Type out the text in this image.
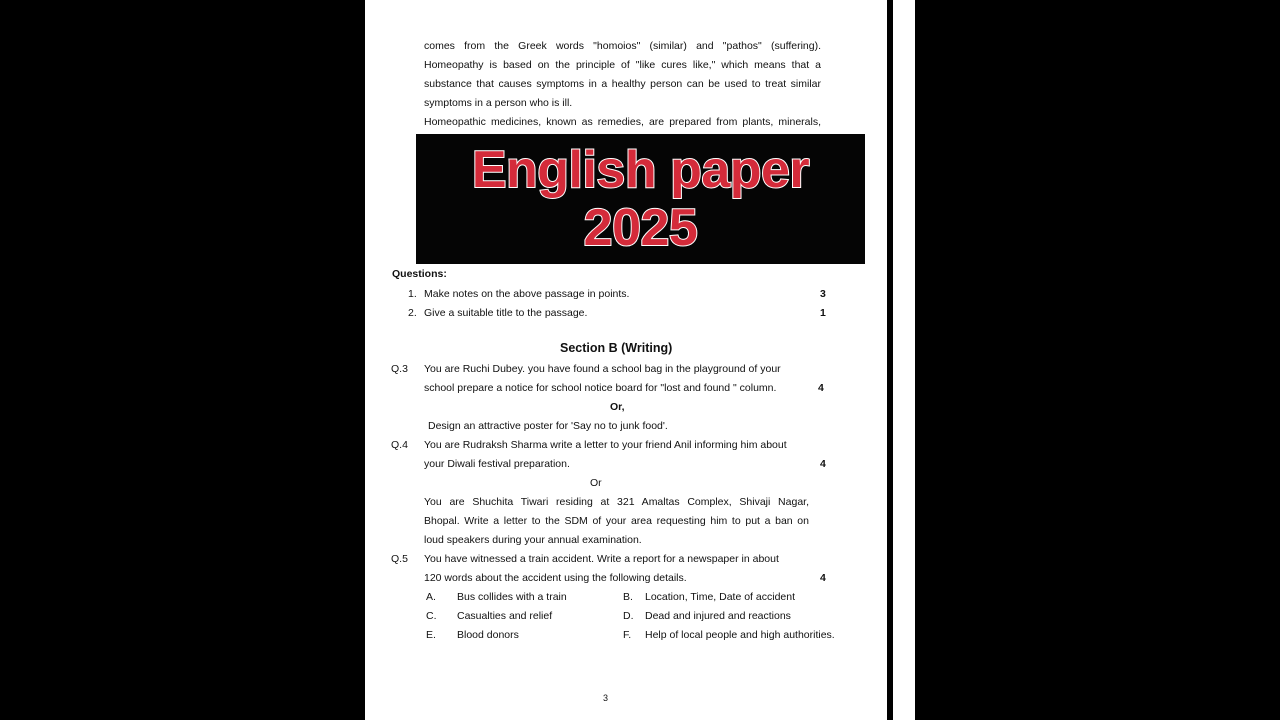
comes from the Greek words "homoios" (similar) and "pathos" (suffering).
Homeopathy is based on the principle of "like cures like," which means that a
substance that causes symptoms in a healthy person can be used to treat similar
symptoms in a person who is ill.
Homeopathic medicines, known as remedies, are prepared from plants, minerals,
English paper
2025
Questions:
1. Make notes on the above passage in points.	3
2. Give a suitable title to the passage.	1
Section B (Writing)
Q.3 You are Ruchi Dubey. you have found a school bag in the playground of your
school prepare a notice for school notice board for "lost and found " column.	4
Or,
Design an attractive poster for 'Say no to junk food'.
Q.4 You are Rudraksh Sharma write a letter to your friend Anil informing him about
your Diwali festival preparation.	4
Or
You are Shuchita Tiwari residing at 321 Amaltas Complex, Shivaji Nagar,
Bhopal. Write a letter to the SDM of your area requesting him to put a ban on
loud speakers during your annual examination.
Q.5 You have witnessed a train accident. Write a report for a newspaper in about
120 words about the accident using the following details.	4
A. Bus collides with a train	B. Location, Time, Date of accident
C. Casualties and relief	D. Dead and injured and reactions
E. Blood donors	F. Help of local people and high authorities.
3
